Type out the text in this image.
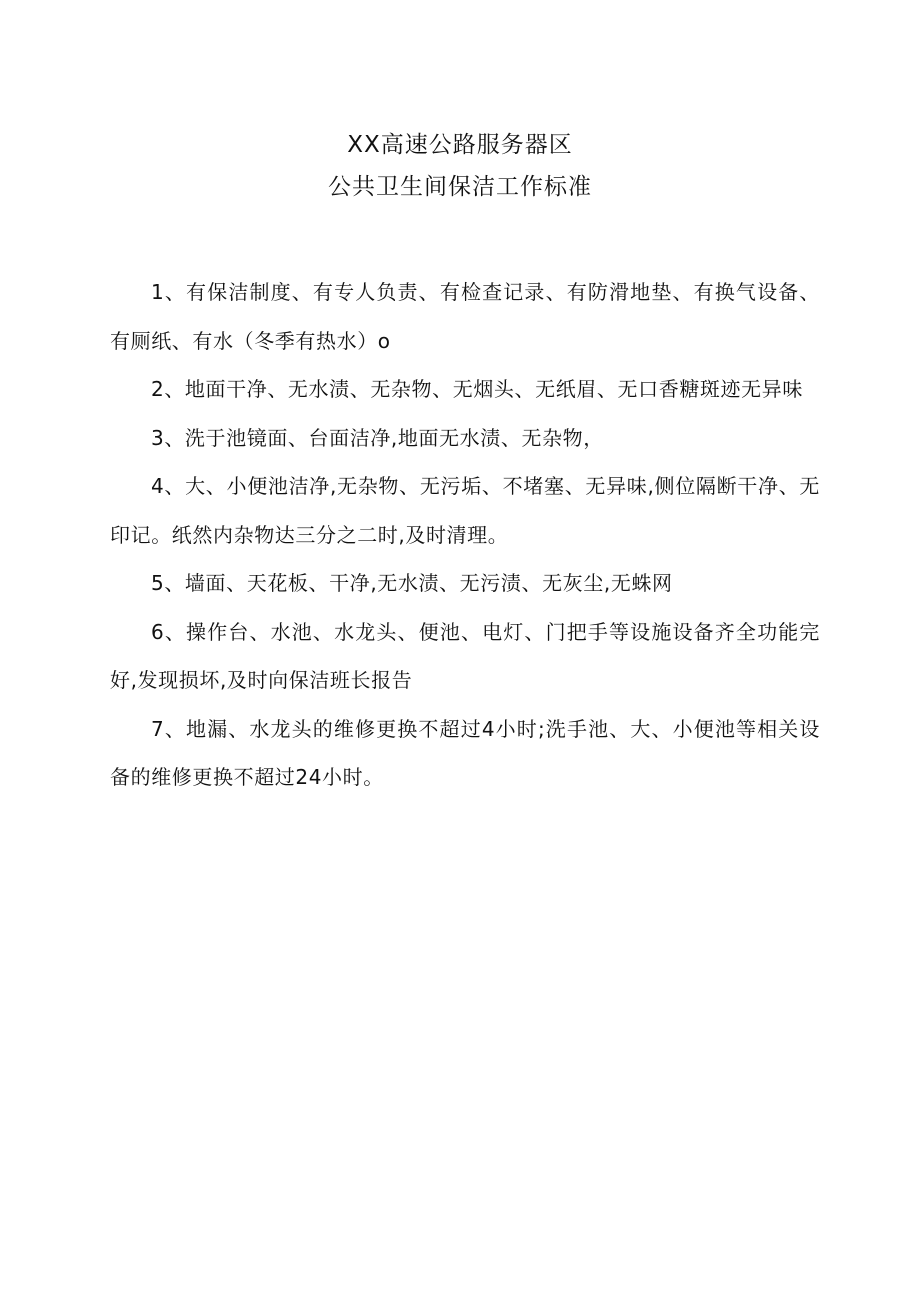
XX高速公路服务器区
公共卫生间保洁工作标准

1、有保洁制度、有专人负责、有检查记录、有防滑地垫、有换气设备、有厕纸、有水（冬季有热水）o

2、地面干净、无水渍、无杂物、无烟头、无纸眉、无口香糖斑迹无异味

3、洗于池镜面、台面洁净,地面无水渍、无杂物，

4、大、小便池洁净,无杂物、无污垢、不堵塞、无异味,侧位隔断干净、无印记。纸然内杂物达三分之二时,及时清理。

5、墙面、天花板、干净,无水渍、无污渍、无灰尘,无蛛网

6、操作台、水池、水龙头、便池、电灯、门把手等设施设备齐全功能完好,发现损坏,及时向保洁班长报告

7、地漏、水龙头的维修更换不超过4小时;洗手池、大、小便池等相关设备的维修更换不超过24小时。
